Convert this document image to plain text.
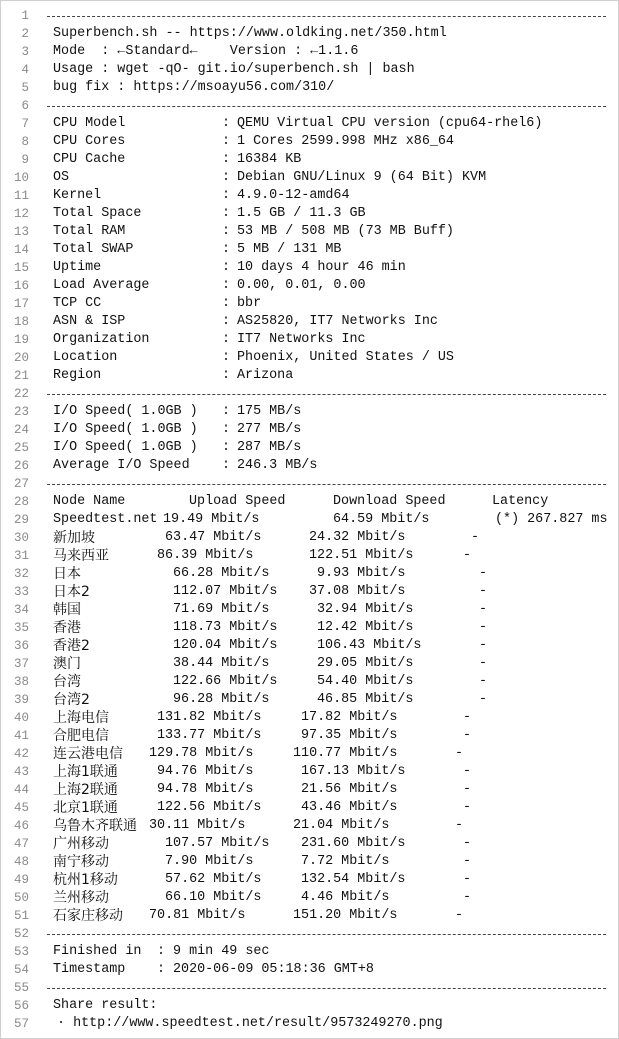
1
2 Superbench.sh -- https://www.oldking.net/350.html
3 Mode  : ←Standard←    Version : ←1.1.6
4 Usage : wget -qO- git.io/superbench.sh | bash
5 bug fix : https://msoayu56.com/310/
6
7 CPU Model	: QEMU Virtual CPU version (cpu64-rhel6)
8 CPU Cores	: 1 Cores 2599.998 MHz x86_64
9 CPU Cache	: 16384 KB
10 OS	: Debian GNU/Linux 9 (64 Bit) KVM
11 Kernel	: 4.9.0-12-amd64
12 Total Space	: 1.5 GB / 11.3 GB
13 Total RAM	: 53 MB / 508 MB (73 MB Buff)
14 Total SWAP	: 5 MB / 131 MB
15 Uptime	: 10 days 4 hour 46 min
16 Load Average	: 0.00, 0.01, 0.00
17 TCP CC	: bbr
18 ASN & ISP	: AS25820, IT7 Networks Inc
19 Organization	: IT7 Networks Inc
20 Location	: Phoenix, United States / US
21 Region	: Arizona
22
23 I/O Speed( 1.0GB ) : 175 MB/s
24 I/O Speed( 1.0GB ) : 277 MB/s
25 I/O Speed( 1.0GB ) : 287 MB/s
26 Average I/O Speed : 246.3 MB/s
27
28 Node Name	Upload Speed	Download Speed	Latency
29 Speedtest.net 19.49 Mbit/s	64.59 Mbit/s	(*) 267.827 ms
30 新加坡	63.47 Mbit/s	24.32 Mbit/s	-
31 马来西亚	86.39 Mbit/s	122.51 Mbit/s	-
32 日本	66.28 Mbit/s	9.93 Mbit/s	-
33 日本2	112.07 Mbit/s 37.08 Mbit/s	-
34 韩国	71.69 Mbit/s	32.94 Mbit/s	-
35 香港	118.73 Mbit/s	12.42 Mbit/s	-
36 香港2	120.04 Mbit/s	106.43 Mbit/s	-
37 澳门	38.44 Mbit/s	29.05 Mbit/s	-
38 台湾	122.66 Mbit/s	54.40 Mbit/s	-
39 台湾2	96.28 Mbit/s	46.85 Mbit/s	-
40 上海电信	131.82 Mbit/s	17.82 Mbit/s	-
41 合肥电信	133.77 Mbit/s	97.35 Mbit/s	-
42 连云港电信 129.78 Mbit/s	110.77 Mbit/s	-
43 上海1联通	94.76 Mbit/s	167.13 Mbit/s	-
44 上海2联通	94.78 Mbit/s	21.56 Mbit/s	-
45 北京1联通	122.56 Mbit/s	43.46 Mbit/s	-
46 乌鲁木齐联通 30.11 Mbit/s	21.04 Mbit/s	-
47 广州移动	107.57 Mbit/s 231.60 Mbit/s	-
48 南宁移动	7.90 Mbit/s	7.72 Mbit/s	-
49 杭州1移动	57.62 Mbit/s	132.54 Mbit/s	-
50 兰州移动	66.10 Mbit/s	4.46 Mbit/s	-
51 石家庄移动 70.81 Mbit/s	151.20 Mbit/s	-
52
53 Finished in : 9 min 49 sec
54 Timestamp : 2020-06-09 05:18:36 GMT+8
55
56 Share result:
57 · http://www.speedtest.net/result/9573249270.png
